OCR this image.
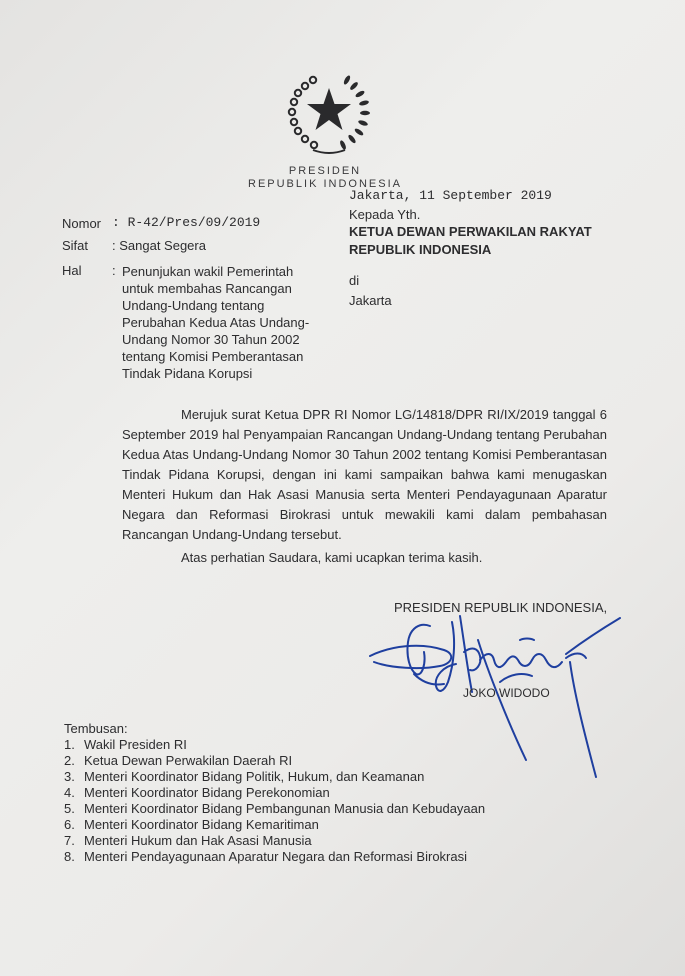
PRESIDEN
REPUBLIK INDONESIA
Jakarta, 11 September 2019
Nomor : R-42/Pres/09/2019
Sifat : Sangat Segera
Hal : Penunjukan wakil Pemerintah
untuk membahas Rancangan
Undang-Undang tentang
Perubahan Kedua Atas Undang-
Undang Nomor 30 Tahun 2002
tentang Komisi Pemberantasan
Tindak Pidana Korupsi
Kepada Yth.
KETUA DEWAN PERWAKILAN RAKYAT REPUBLIK INDONESIA
di
Jakarta
Merujuk surat Ketua DPR RI Nomor LG/14818/DPR RI/IX/2019 tanggal 6 September 2019 hal Penyampaian Rancangan Undang-Undang tentang Perubahan Kedua Atas Undang-Undang Nomor 30 Tahun 2002 tentang Komisi Pemberantasan Tindak Pidana Korupsi, dengan ini kami sampaikan bahwa kami menugaskan Menteri Hukum dan Hak Asasi Manusia serta Menteri Pendayagunaan Aparatur Negara dan Reformasi Birokrasi untuk mewakili kami dalam pembahasan Rancangan Undang-Undang tersebut.
Atas perhatian Saudara, kami ucapkan terima kasih.
PRESIDEN REPUBLIK INDONESIA,
JOKO WIDODO
Tembusan:
1. Wakil Presiden RI
2. Ketua Dewan Perwakilan Daerah RI
3. Menteri Koordinator Bidang Politik, Hukum, dan Keamanan
4. Menteri Koordinator Bidang Perekonomian
5. Menteri Koordinator Bidang Pembangunan Manusia dan Kebudayaan
6. Menteri Koordinator Bidang Kemaritiman
7. Menteri Hukum dan Hak Asasi Manusia
8. Menteri Pendayagunaan Aparatur Negara dan Reformasi Birokrasi
